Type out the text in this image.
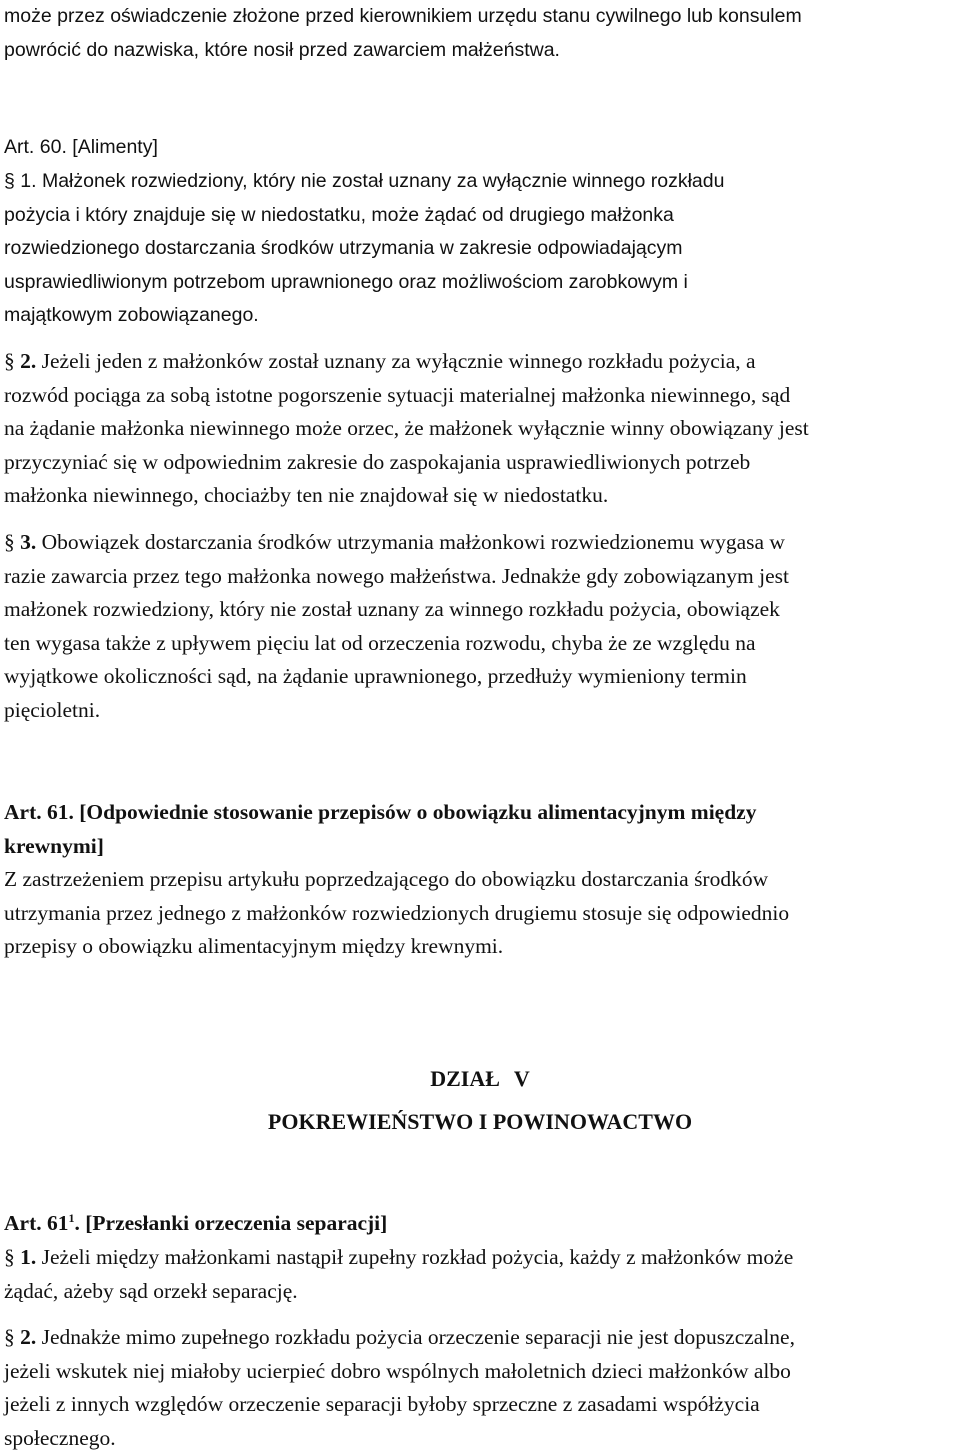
może przez oświadczenie złożone przed kierownikiem urzędu stanu cywilnego lub konsulem
powrócić do nazwiska, które nosił przed zawarciem małżeństwa.
Art. 60. [Alimenty]
§ 1. Małżonek rozwiedziony, który nie został uznany za wyłącznie winnego rozkładu
pożycia i który znajduje się w niedostatku, może żądać od drugiego małżonka
rozwiedzionego dostarczania środków utrzymania w zakresie odpowiadającym
usprawiedliwionym potrzebom uprawnionego oraz możliwościom zarobkowym i
majątkowym zobowiązanego.
§ 2. Jeżeli jeden z małżonków został uznany za wyłącznie winnego rozkładu pożycia, a
rozwód pociąga za sobą istotne pogorszenie sytuacji materialnej małżonka niewinnego, sąd
na żądanie małżonka niewinnego może orzec, że małżonek wyłącznie winny obowiązany jest
przyczyniać się w odpowiednim zakresie do zaspokajania usprawiedliwionych potrzeb
małżonka niewinnego, chociażby ten nie znajdował się w niedostatku.
§ 3. Obowiązek dostarczania środków utrzymania małżonkowi rozwiedzionemu wygasa w
razie zawarcia przez tego małżonka nowego małżeństwa. Jednakże gdy zobowiązanym jest
małżonek rozwiedziony, który nie został uznany za winnego rozkładu pożycia, obowiązek
ten wygasa także z upływem pięciu lat od orzeczenia rozwodu, chyba że ze względu na
wyjątkowe okoliczności sąd, na żądanie uprawnionego, przedłuży wymieniony termin
pięcioletni.
Art. 61. [Odpowiednie stosowanie przepisów o obowiązku alimentacyjnym między
krewnymi]
Z zastrzeżeniem przepisu artykułu poprzedzającego do obowiązku dostarczania środków
utrzymania przez jednego z małżonków rozwiedzionych drugiemu stosuje się odpowiednio
przepisy o obowiązku alimentacyjnym między krewnymi.
DZIAŁ V
POKREWIEŃSTWO I POWINOWACTWO
Art. $61^1$. [Przesłanki orzeczenia separacji]
§ 1. Jeżeli między małżonkami nastąpił zupełny rozkład pożycia, każdy z małżonków może
żądać, ażeby sąd orzekł separację.
§ 2. Jednakże mimo zupełnego rozkładu pożycia orzeczenie separacji nie jest dopuszczalne,
jeżeli wskutek niej miałoby ucierpieć dobro wspólnych małoletnich dzieci małżonków albo
jeżeli z innych względów orzeczenie separacji byłoby sprzeczne z zasadami współżycia
społecznego.
